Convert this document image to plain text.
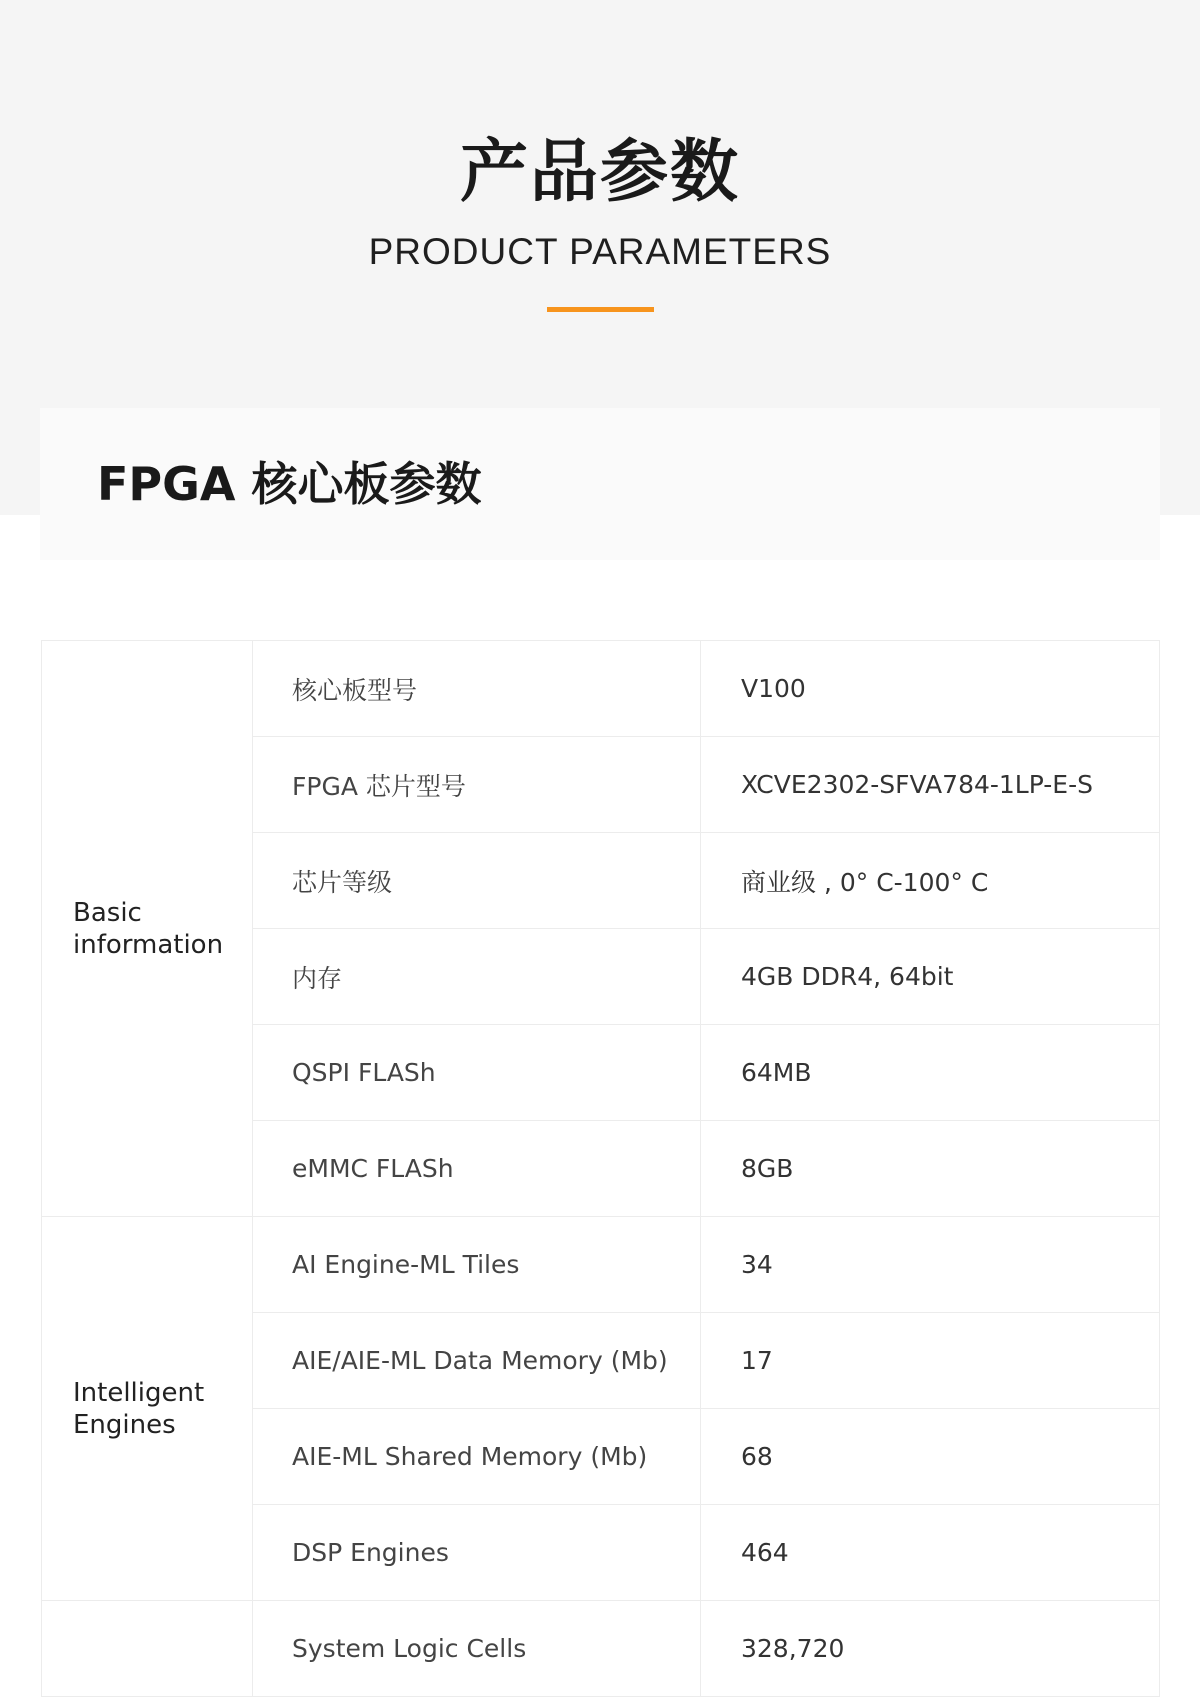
产品参数
PRODUCT PARAMETERS
FPGA 核心板参数
Basic information	核心板型号	V100
	FPGA 芯片型号	XCVE2302-SFVA784-1LP-E-S
	芯片等级	商业级 , 0° C-100° C
	内存	4GB DDR4, 64bit
	QSPI FLASh	64MB
	eMMC FLASh	8GB

Intelligent Engines	AI Engine-ML Tiles	34
	AIE/AIE-ML Data Memory (Mb)	17
	AIE-ML Shared Memory (Mb)	68
	DSP Engines	464

	System Logic Cells	328,720
